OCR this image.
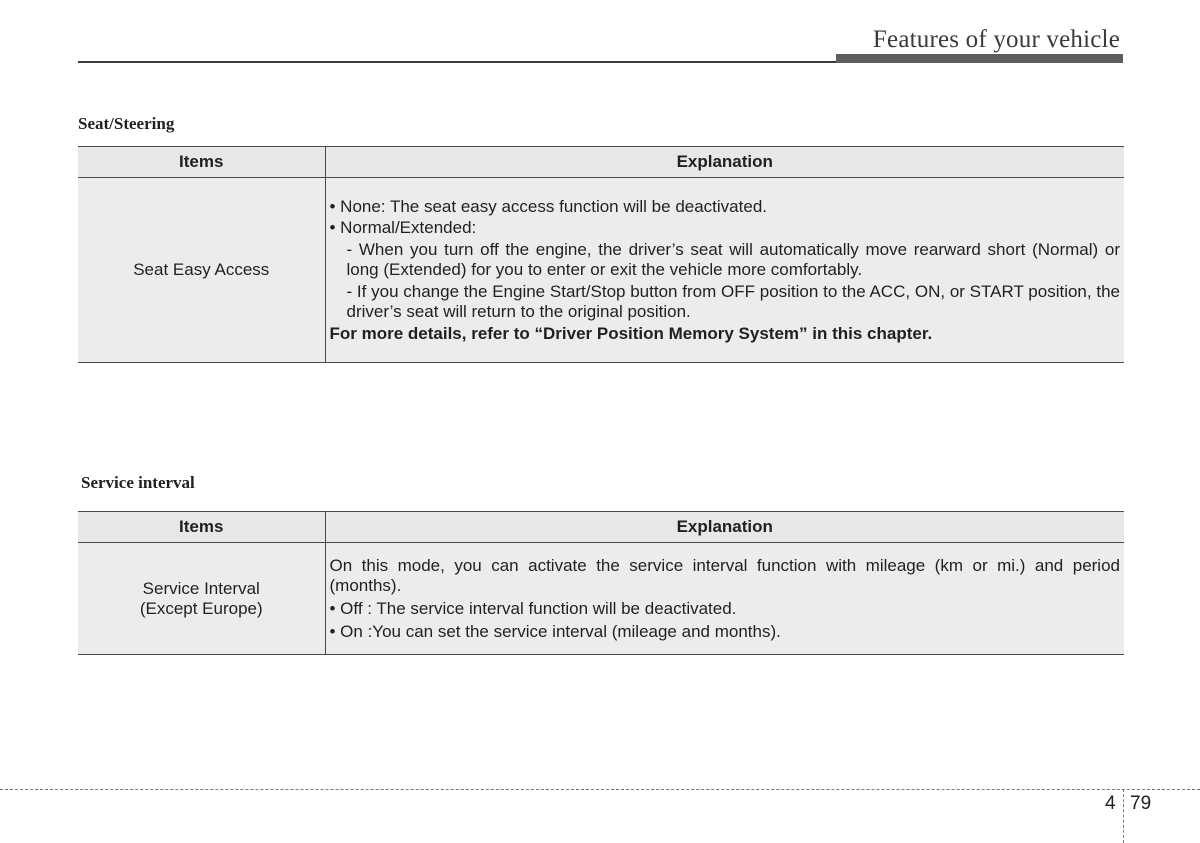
Features of your vehicle
Seat/Steering
Items	Explanation
Seat Easy Access	• None: The seat easy access function will be deactivated.
• Normal/Extended:
- When you turn off the engine, the driver’s seat will automatically move rearward short (Normal) or long (Extended) for you to enter or exit the vehicle more comfortably.
- If you change the Engine Start/Stop button from OFF position to the ACC, ON, or START position, the driver’s seat will return to the original position.
For more details, refer to “Driver Position Memory System” in this chapter.
Service interval
Items	Explanation

Service Interval
(Except Europe)	On this mode, you can activate the service interval function with mileage (km or mi.) and period (months).
• Off : The service interval function will be deactivated.
• On :You can set the service interval (mileage and months).
4 79
